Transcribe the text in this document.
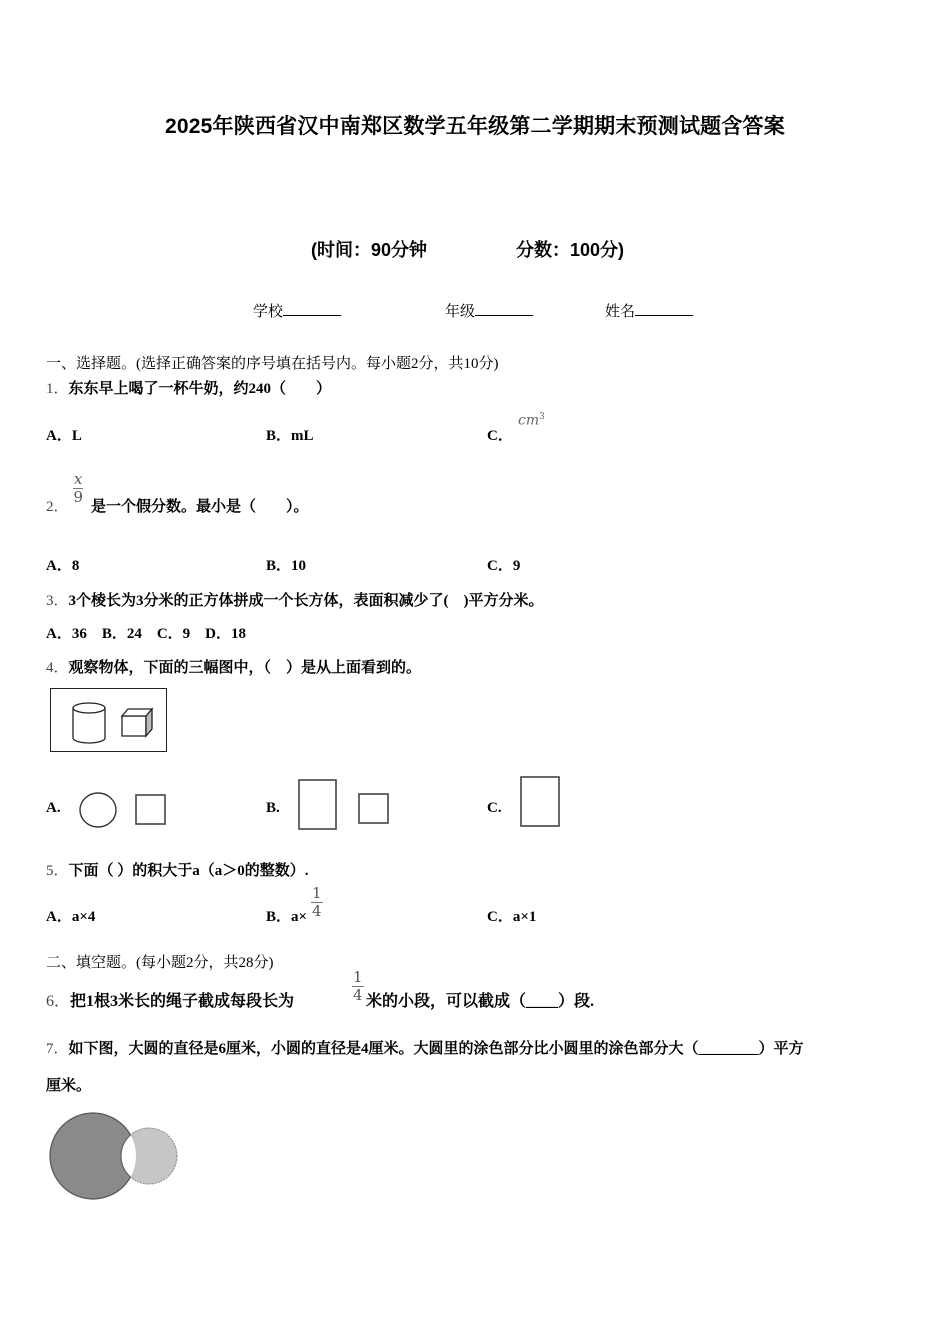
2025年陕西省汉中南郑区数学五年级第二学期期末预测试题含答案
(时间：90分钟	分数：100分)
学校	年级	姓名
一、选择题。(选择正确答案的序号填在括号内。每小题2分，共10分)
1．东东早上喝了一杯牛奶，约240（　　）
A．L	B．mL	C．
$cm^3$
2．
$\frac{x}{9}$
是一个假分数。最小是（　　）。
A．8	B．10	C．9
3．3个棱长为3分米的正方体拼成一个长方体，表面积减少了(　)平方分米。
A．36　B．24　C．9　D．18
4．观察物体，下面的三幅图中，（　）是从上面看到的。
A.	B.	C.
5．下面（ ）的积大于a（a＞0的整数）.
A．a×4	B．$a\times \frac{1}{4}$	C．a×1
二、填空题。(每小题2分，共28分)
6．把1根3米长的绳子截成每段长为	$\frac{1}{4}$ 米的小段，可以截成（____）段.
7．如下图，大圆的直径是6厘米，小圆的直径是4厘米。大圆里的涂色部分比小圆里的涂色部分大（________）平方
厘米。
